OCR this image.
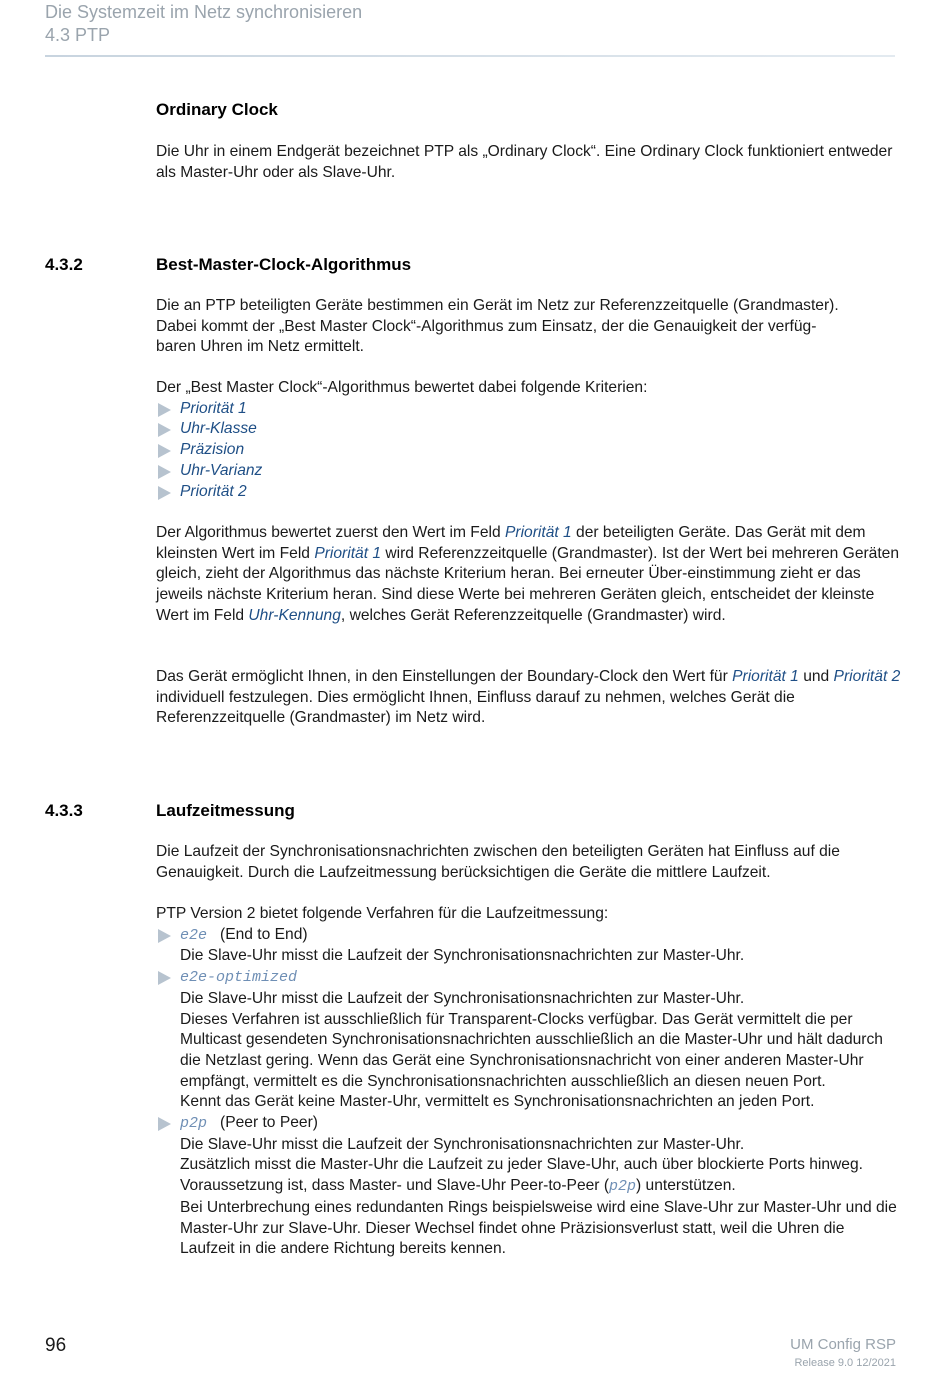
Die Systemzeit im Netz synchronisieren
4.3 PTP
Ordinary Clock

Die Uhr in einem Endgerät bezeichnet PTP als „Ordinary Clock“. Eine Ordinary Clock funktioniert entweder als Master-Uhr oder als Slave-Uhr.

4.3.2	Best-Master-Clock-Algorithmus

Die an PTP beteiligten Geräte bestimmen ein Gerät im Netz zur Referenzzeitquelle (Grandmaster).

Dabei kommt der „Best Master Clock“-Algorithmus zum Einsatz, der die Genauigkeit der verfüg-

baren Uhren im Netz ermittelt.

Der „Best Master Clock“-Algorithmus bewertet dabei folgende Kriterien:

Priorität 1
Uhr-Klasse
Präzision
Uhr-Varianz
Priorität 2

Der Algorithmus bewertet zuerst den Wert im Feld Priorität 1 der beteiligten Geräte. Das Gerät mit dem kleinsten Wert im Feld Priorität 1 wird Referenzzeitquelle (Grandmaster). Ist der Wert bei mehreren Geräten gleich, zieht der Algorithmus das nächste Kriterium heran. Bei erneuter Über-einstimmung zieht er das jeweils nächste Kriterium heran. Sind diese Werte bei mehreren Geräten gleich, entscheidet der kleinste Wert im Feld Uhr-Kennung, welches Gerät Referenzzeitquelle (Grandmaster) wird.

Das Gerät ermöglicht Ihnen, in den Einstellungen der Boundary-Clock den Wert für Priorität 1 und Priorität 2 individuell festzulegen. Dies ermöglicht Ihnen, Einfluss darauf zu nehmen, welches Gerät die Referenzzeitquelle (Grandmaster) im Netz wird.

4.3.3	Laufzeitmessung

Die Laufzeit der Synchronisationsnachrichten zwischen den beteiligten Geräten hat Einfluss auf die Genauigkeit. Durch die Laufzeitmessung berücksichtigen die Geräte die mittlere Laufzeit.

PTP Version 2 bietet folgende Verfahren für die Laufzeitmessung:

e2e (End to End)
Die Slave-Uhr misst die Laufzeit der Synchronisationsnachrichten zur Master-Uhr.
e2e-optimized
Die Slave-Uhr misst die Laufzeit der Synchronisationsnachrichten zur Master-Uhr.
Dieses Verfahren ist ausschließlich für Transparent-Clocks verfügbar. Das Gerät vermittelt die per Multicast gesendeten Synchronisationsnachrichten ausschließlich an die Master-Uhr und hält dadurch die Netzlast gering. Wenn das Gerät eine Synchronisationsnachricht von einer anderen Master-Uhr empfängt, vermittelt es die Synchronisationsnachrichten ausschließlich an diesen neuen Port.
Kennt das Gerät keine Master-Uhr, vermittelt es Synchronisationsnachrichten an jeden Port.
p2p (Peer to Peer)
Die Slave-Uhr misst die Laufzeit der Synchronisationsnachrichten zur Master-Uhr.
Zusätzlich misst die Master-Uhr die Laufzeit zu jeder Slave-Uhr, auch über blockierte Ports hinweg. Voraussetzung ist, dass Master- und Slave-Uhr Peer-to-Peer (p2p) unterstützen.
Bei Unterbrechung eines redundanten Rings beispielsweise wird eine Slave-Uhr zur Master-Uhr und die Master-Uhr zur Slave-Uhr. Dieser Wechsel findet ohne Präzisionsverlust statt, weil die Uhren die Laufzeit in die andere Richtung bereits kennen.
96	UM Config RSP
Release 9.0 12/2021
